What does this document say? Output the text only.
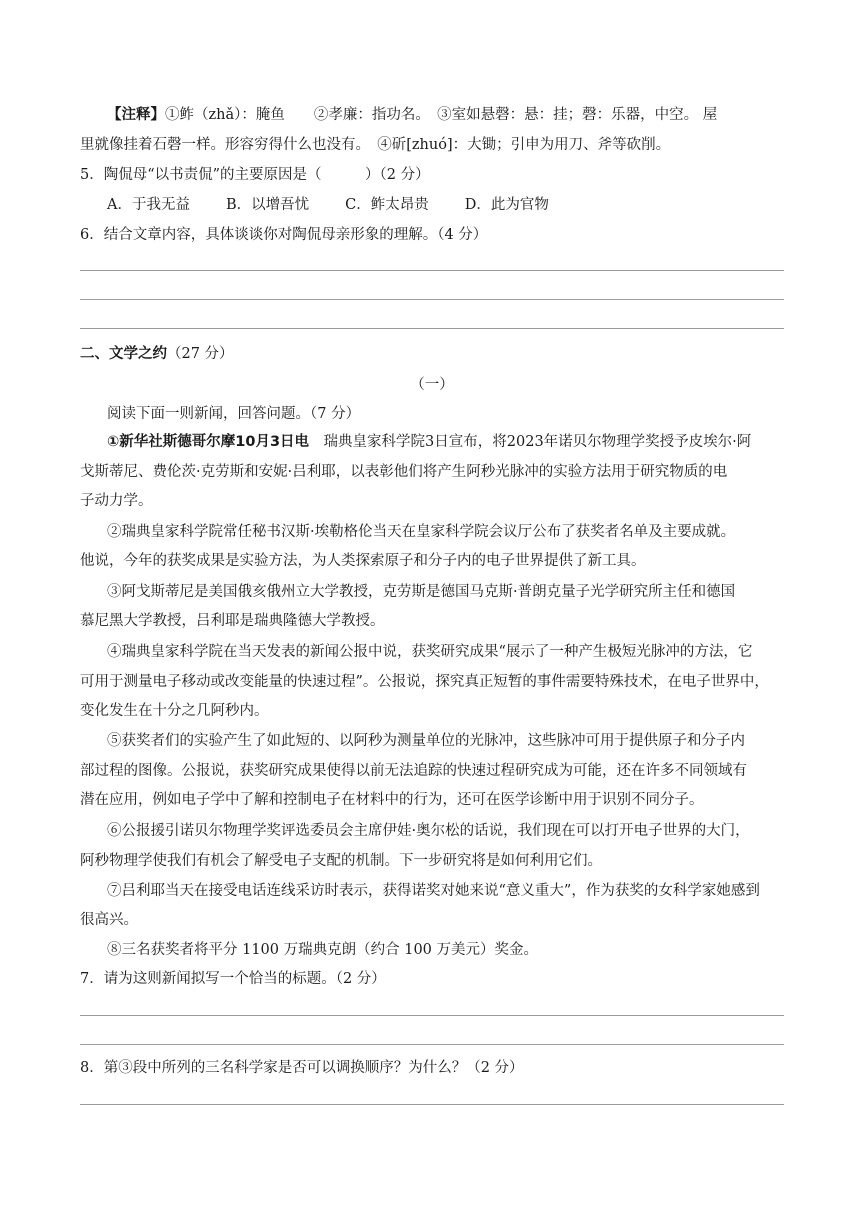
【注释】①鲊（zhǎ）：腌鱼　　②孝廉：指功名。　③室如悬磬：悬：挂；磬：乐器，中空。 屋
里就像挂着石磬一样。形容穷得什么也没有。　④斫[zhuó]：大锄；引申为用刀、斧等砍削。
5．陶侃母“以书责侃”的主要原因是（　　　）（2 分）
A．于我无益 B．以增吾忧 C．鲊太昂贵 D．此为官物
6．结合文章内容，具体谈谈你对陶侃母亲形象的理解。（4 分）
二、文学之约（27 分）
（一）
阅读下面一则新闻，回答问题。（7 分）
①新华社斯德哥尔摩10月3日电　瑞典皇家科学院3日宣布，将2023年诺贝尔物理学奖授予皮埃尔·阿
戈斯蒂尼、费伦茨·克劳斯和安妮·吕利耶，以表彰他们将产生阿秒光脉冲的实验方法用于研究物质的电
子动力学。
②瑞典皇家科学院常任秘书汉斯·埃勒格伦当天在皇家科学院会议厅公布了获奖者名单及主要成就。
他说，今年的获奖成果是实验方法，为人类探索原子和分子内的电子世界提供了新工具。
③阿戈斯蒂尼是美国俄亥俄州立大学教授，克劳斯是德国马克斯·普朗克量子光学研究所主任和德国
慕尼黑大学教授，吕利耶是瑞典隆德大学教授。
④瑞典皇家科学院在当天发表的新闻公报中说，获奖研究成果“展示了一种产生极短光脉冲的方法，它
可用于测量电子移动或改变能量的快速过程”。公报说，探究真正短暂的事件需要特殊技术，在电子世界中，
变化发生在十分之几阿秒内。
⑤获奖者们的实验产生了如此短的、以阿秒为测量单位的光脉冲，这些脉冲可用于提供原子和分子内
部过程的图像。公报说，获奖研究成果使得以前无法追踪的快速过程研究成为可能，还在许多不同领域有
潜在应用，例如电子学中了解和控制电子在材料中的行为，还可在医学诊断中用于识别不同分子。
⑥公报援引诺贝尔物理学奖评选委员会主席伊娃·奥尔松的话说，我们现在可以打开电子世界的大门，
阿秒物理学使我们有机会了解受电子支配的机制。下一步研究将是如何利用它们。
⑦吕利耶当天在接受电话连线采访时表示，获得诺奖对她来说“意义重大”，作为获奖的女科学家她感到
很高兴。
⑧三名获奖者将平分 1100 万瑞典克朗（约合 100 万美元）奖金。
7．请为这则新闻拟写一个恰当的标题。（2 分）
8．第③段中所列的三名科学家是否可以调换顺序？为什么？（2 分）
